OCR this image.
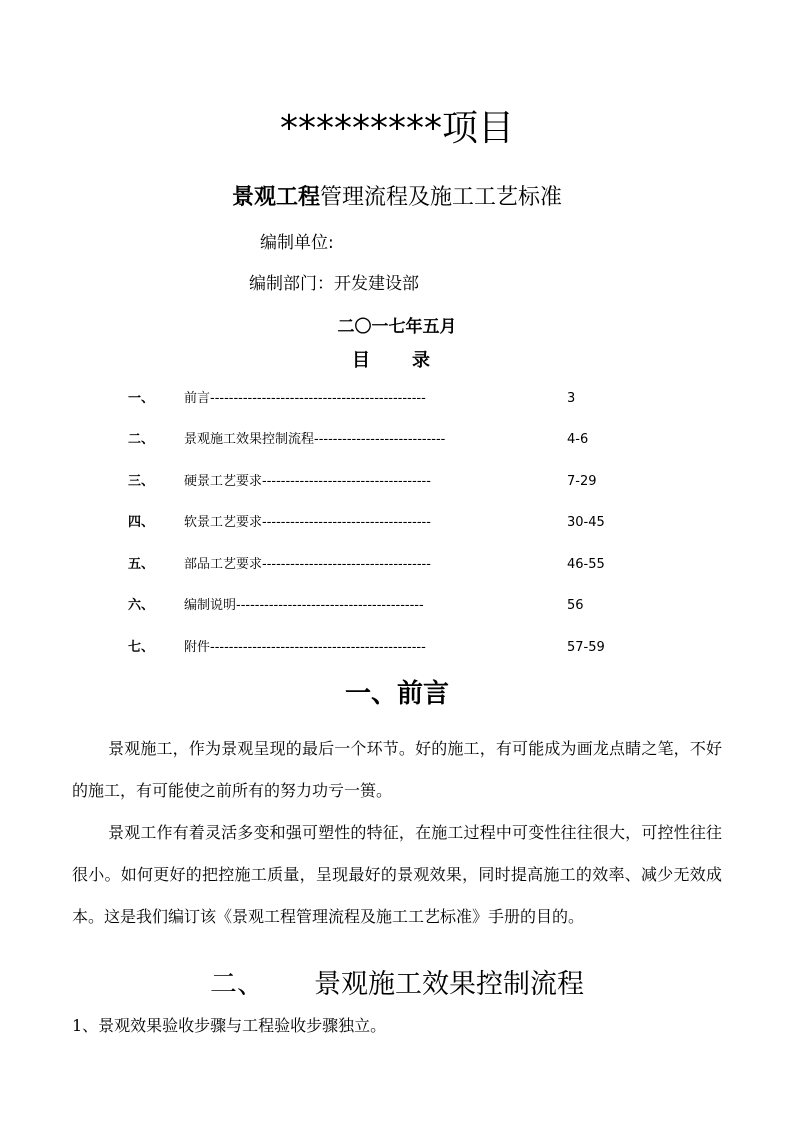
*********项目
景观工程管理流程及施工工艺标准
编制单位:
编制部门：开发建设部
二〇一七年五月
目 录
一、	前言----------------------------------------------	3
二、	景观施工效果控制流程----------------------------	4-6
三、	硬景工艺要求------------------------------------	7-29
四、	软景工艺要求------------------------------------	30-45
五、	部品工艺要求------------------------------------	46-55
六、	编制说明----------------------------------------	56
七、	附件----------------------------------------------	57-59
一、前言

景观施工，作为景观呈现的最后一个环节。好的施工，有可能成为画龙点睛之笔，不好的施工，有可能使之前所有的努力功亏一篑。

景观工作有着灵活多变和强可塑性的特征，在施工过程中可变性往往很大，可控性往往很小。如何更好的把控施工质量，呈现最好的景观效果，同时提高施工的效率、减少无效成本。这是我们编订该《景观工程管理流程及施工工艺标准》手册的目的。

二、 景观施工效果控制流程
1、景观效果验收步骤与工程验收步骤独立。
